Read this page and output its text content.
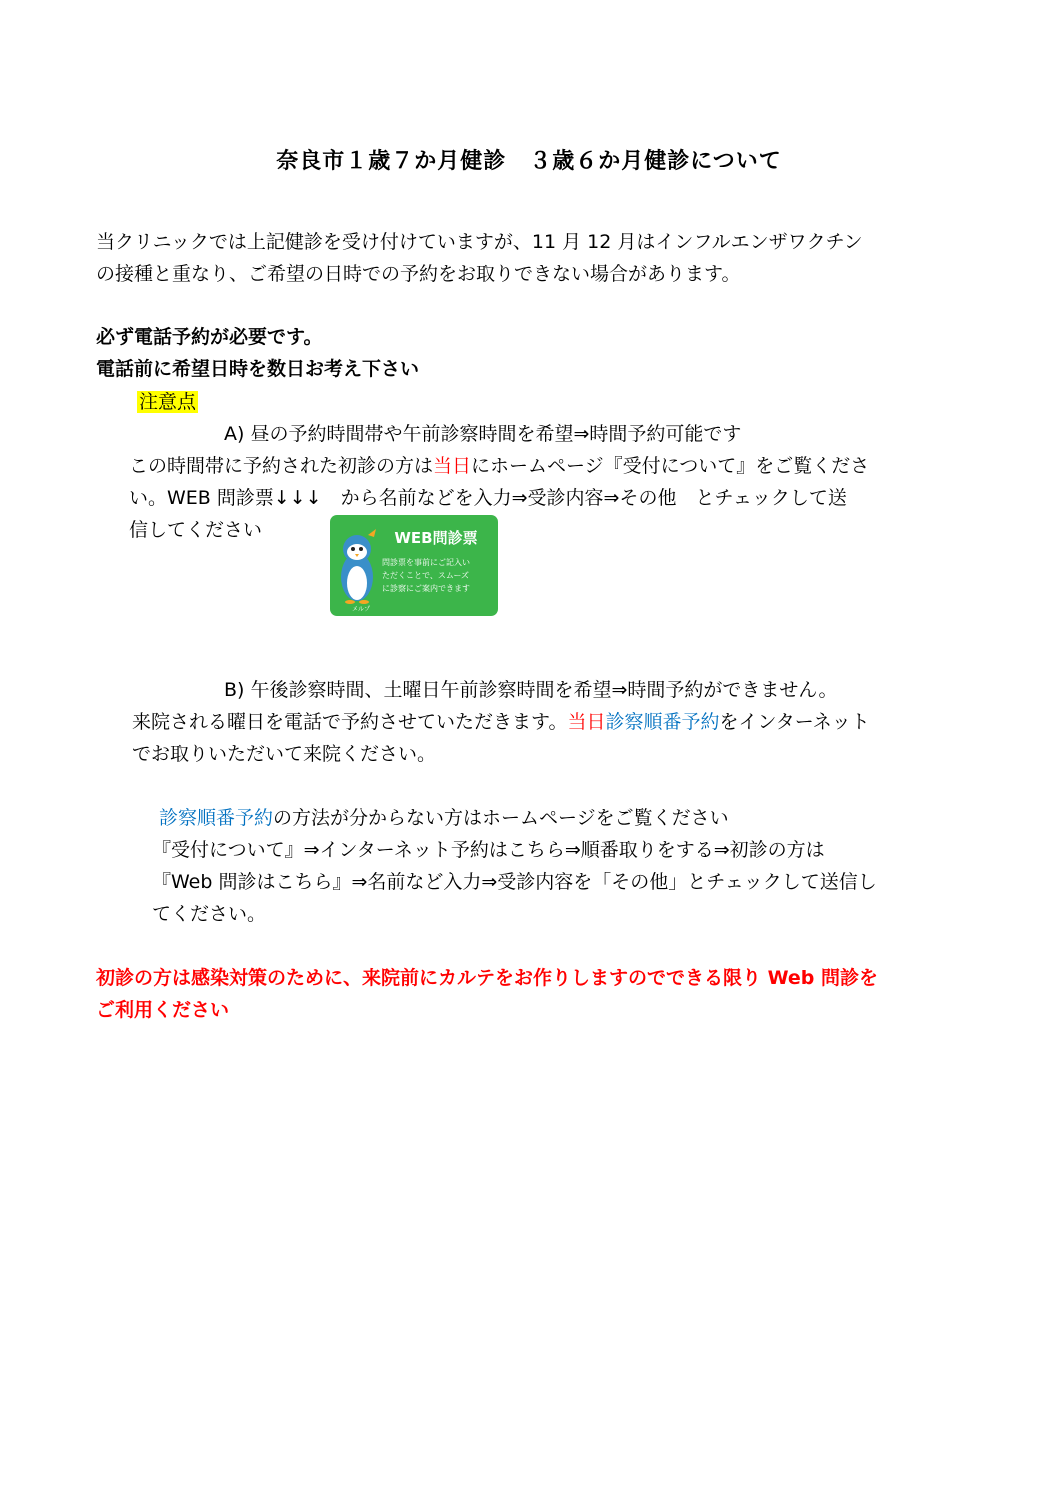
奈良市１歳７か月健診　３歳６か月健診について
当クリニックでは上記健診を受け付けていますが、11 月 12 月はインフルエンザワクチン
の接種と重なり、ご希望の日時での予約をお取りできない場合があります。
必ず電話予約が必要です。
電話前に希望日時を数日お考え下さい
注意点
A) 昼の予約時間帯や午前診察時間を希望⇒時間予約可能です
この時間帯に予約された初診の方は当日にホームページ『受付について』をご覧くださ
い。WEB 問診票↓↓↓　から名前などを入力⇒受診内容⇒その他　とチェックして送
信してください	WEB問診票
問診票を事前にご記入い
ただくことで、スムーズ
に診察にご案内できます
メルプ
B) 午後診察時間、土曜日午前診察時間を希望⇒時間予約ができません。
来院される曜日を電話で予約させていただきます。当日診察順番予約をインターネット
でお取りいただいて来院ください。
診察順番予約の方法が分からない方はホームページをご覧ください
『受付について』⇒インターネット予約はこちら⇒順番取りをする⇒初診の方は
『Web 問診はこちら』⇒名前など入力⇒受診内容を「その他」とチェックして送信し
てください。
初診の方は感染対策のために、来院前にカルテをお作りしますのでできる限り Web 問診を
ご利用ください
